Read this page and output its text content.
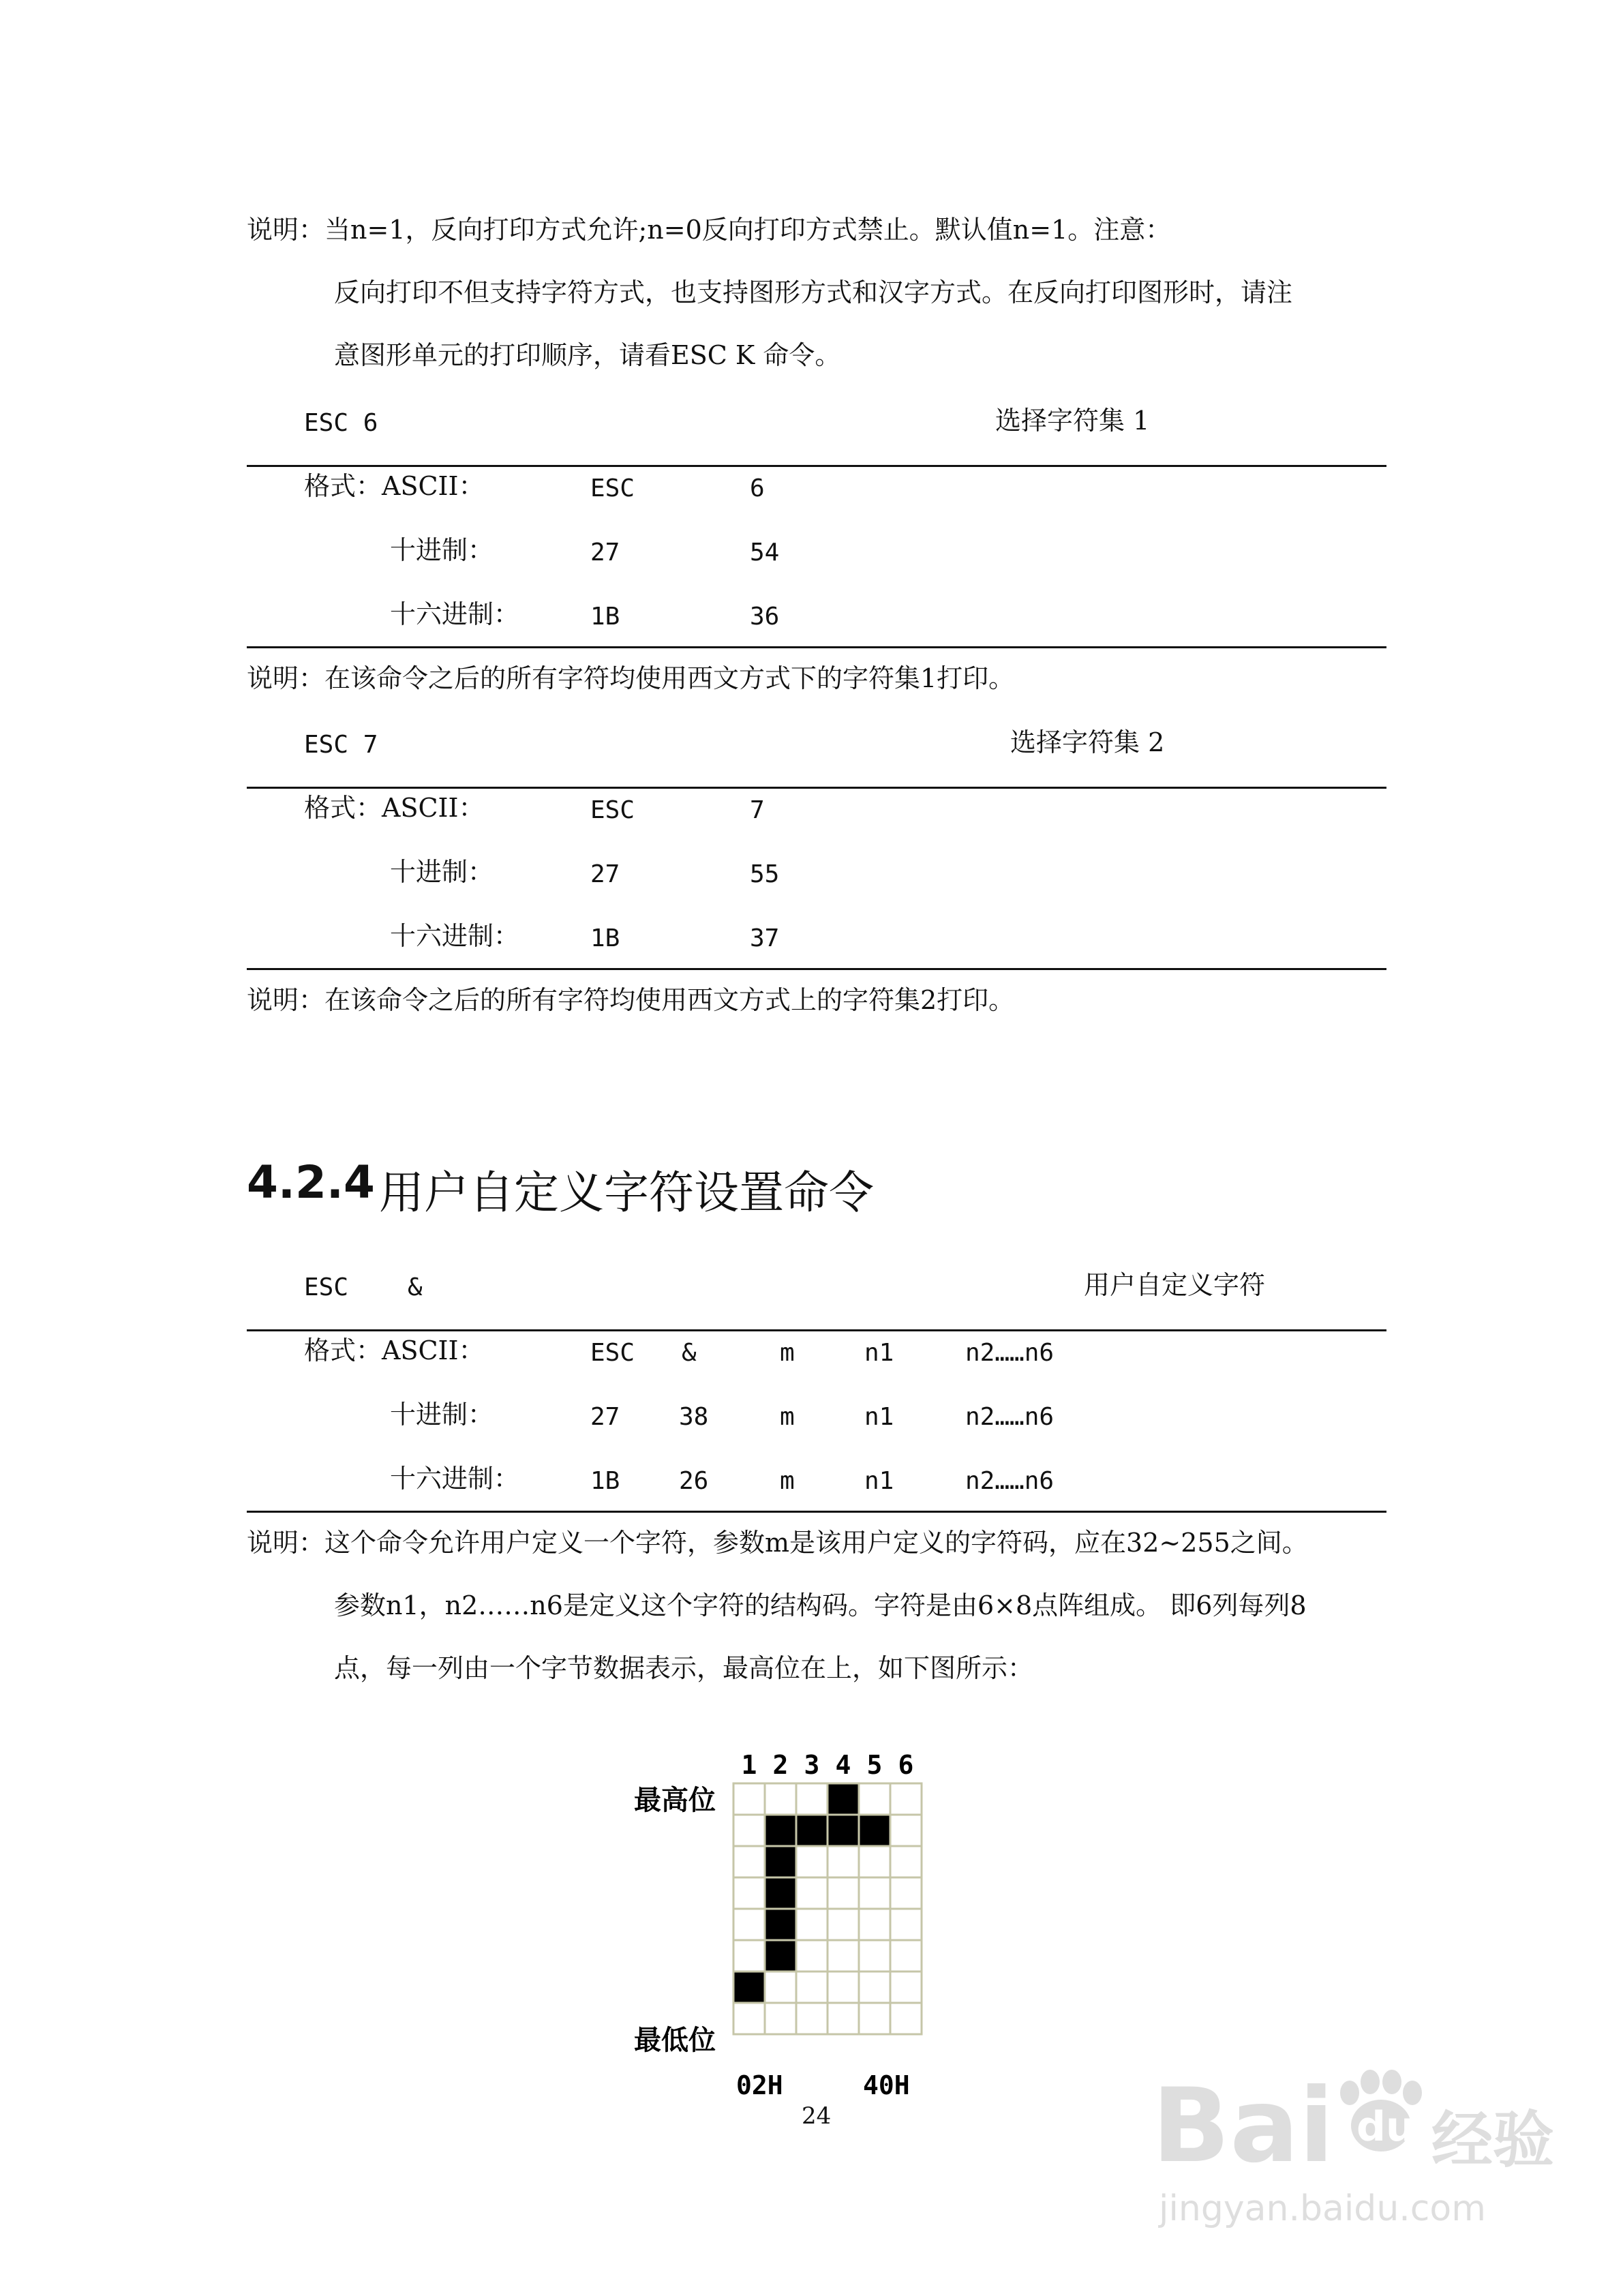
说明：当n=1，反向打印方式允许;n=0反向打印方式禁止。默认值n=1。注意：
反向打印不但支持字符方式，也支持图形方式和汉字方式。在反向打印图形时，请注
意图形单元的打印顺序，请看ESC K 命令。
ESC 6	选择字符集 1
格式：ASCII：	ESC	6
十进制：	27	54
十六进制：	1B	36
说明：在该命令之后的所有字符均使用西文方式下的字符集1打印。
ESC 7	选择字符集 2
格式：ASCII：	ESC	7
十进制：	27	55
十六进制：	1B	37
说明：在该命令之后的所有字符均使用西文方式上的字符集2打印。
4.2.4 用户自定义字符设置命令
ESC &	用户自定义字符
格式：ASCII：	ESC &	m	n1	n2……n6
十进制：	27 38	m	n1	n2……n6
十六进制：	1B 26	m	n1	n2……n6
说明：这个命令允许用户定义一个字符，参数m是该用户定义的字符码，应在32~255之间。
参数n1，n2……n6是定义这个字符的结构码。字符是由6×8点阵组成。 即6列每列8
点，每一列由一个字节数据表示，最高位在上，如下图所示：
1 2 3 4 5 6
最高位
最低位
02H	40H
24	Bai du 经验
jingyan.baidu.com
